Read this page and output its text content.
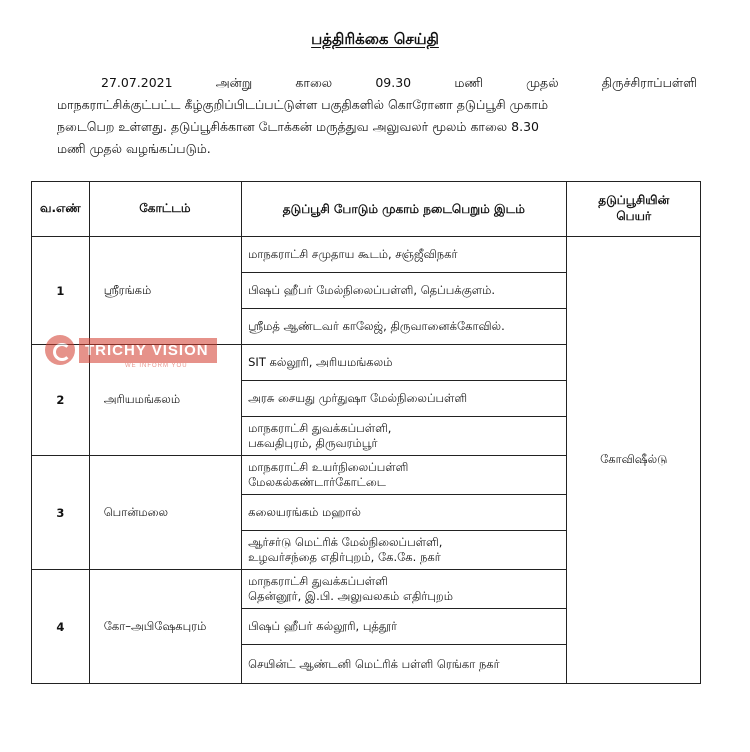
பத்திரிக்கை செய்தி
27.07.2021	அன்று	காலை	09.30	மணி	முதல்	திருச்சிராப்பள்ளி
மாநகராட்சிக்குட்பட்ட கீழ்குறிப்பிடப்பட்டுள்ள பகுதிகளில் கொரோனா தடுப்பூசி முகாம்
நடைபெற உள்ளது. தடுப்பூசிக்கான டோக்கன் மருத்துவ அலுவலர் மூலம் காலை 8.30
மணி முதல் வழங்கப்படும்.
வ.எண்	கோட்டம்	தடுப்பூசி போடும் முகாம் நடைபெறும் இடம்	தடுப்பூசியின்
பெயர்

1	ஸ்ரீரங்கம்	மாநகராட்சி சமுதாய கூடம், சஞ்ஜீவிநகர்	கோவிஷீல்டு

		பிஷப் ஹீபர் மேல்நிலைப்பள்ளி, தெப்பக்குளம்.	

		ஸ்ரீமத் ஆண்டவர் காலேஜ், திருவானைக்கோவில்.	

2	அரியமங்கலம்	SIT கல்லூரி, அரியமங்கலம்	

		அரசு சையது முர்துஷா மேல்நிலைப்பள்ளி	

		மாநகராட்சி துவக்கப்பள்ளி,
பகவதிபுரம், திருவரம்பூர்	

3	பொன்மலை	மாநகராட்சி உயர்நிலைப்பள்ளி
மேலகல்கண்டார்கோட்டை	

		கலையரங்கம் மஹால்	

		ஆர்சர்டு மெட்ரிக் மேல்நிலைப்பள்ளி,
உழவர்சந்தை எதிர்புறம், கே.கே. நகர்	

4	கோ–அபிஷேகபுரம்	மாநகராட்சி துவக்கப்பள்ளி
தென்னூர், இ.பி. அலுவலகம் எதிர்புறம்	

		பிஷப் ஹீபர் கல்லூரி, புத்தூர்	

		செயின்ட் ஆண்டனி மெட்ரிக் பள்ளி ரெங்கா நகர்	
TRICHY VISION
WE INFORM YOU
